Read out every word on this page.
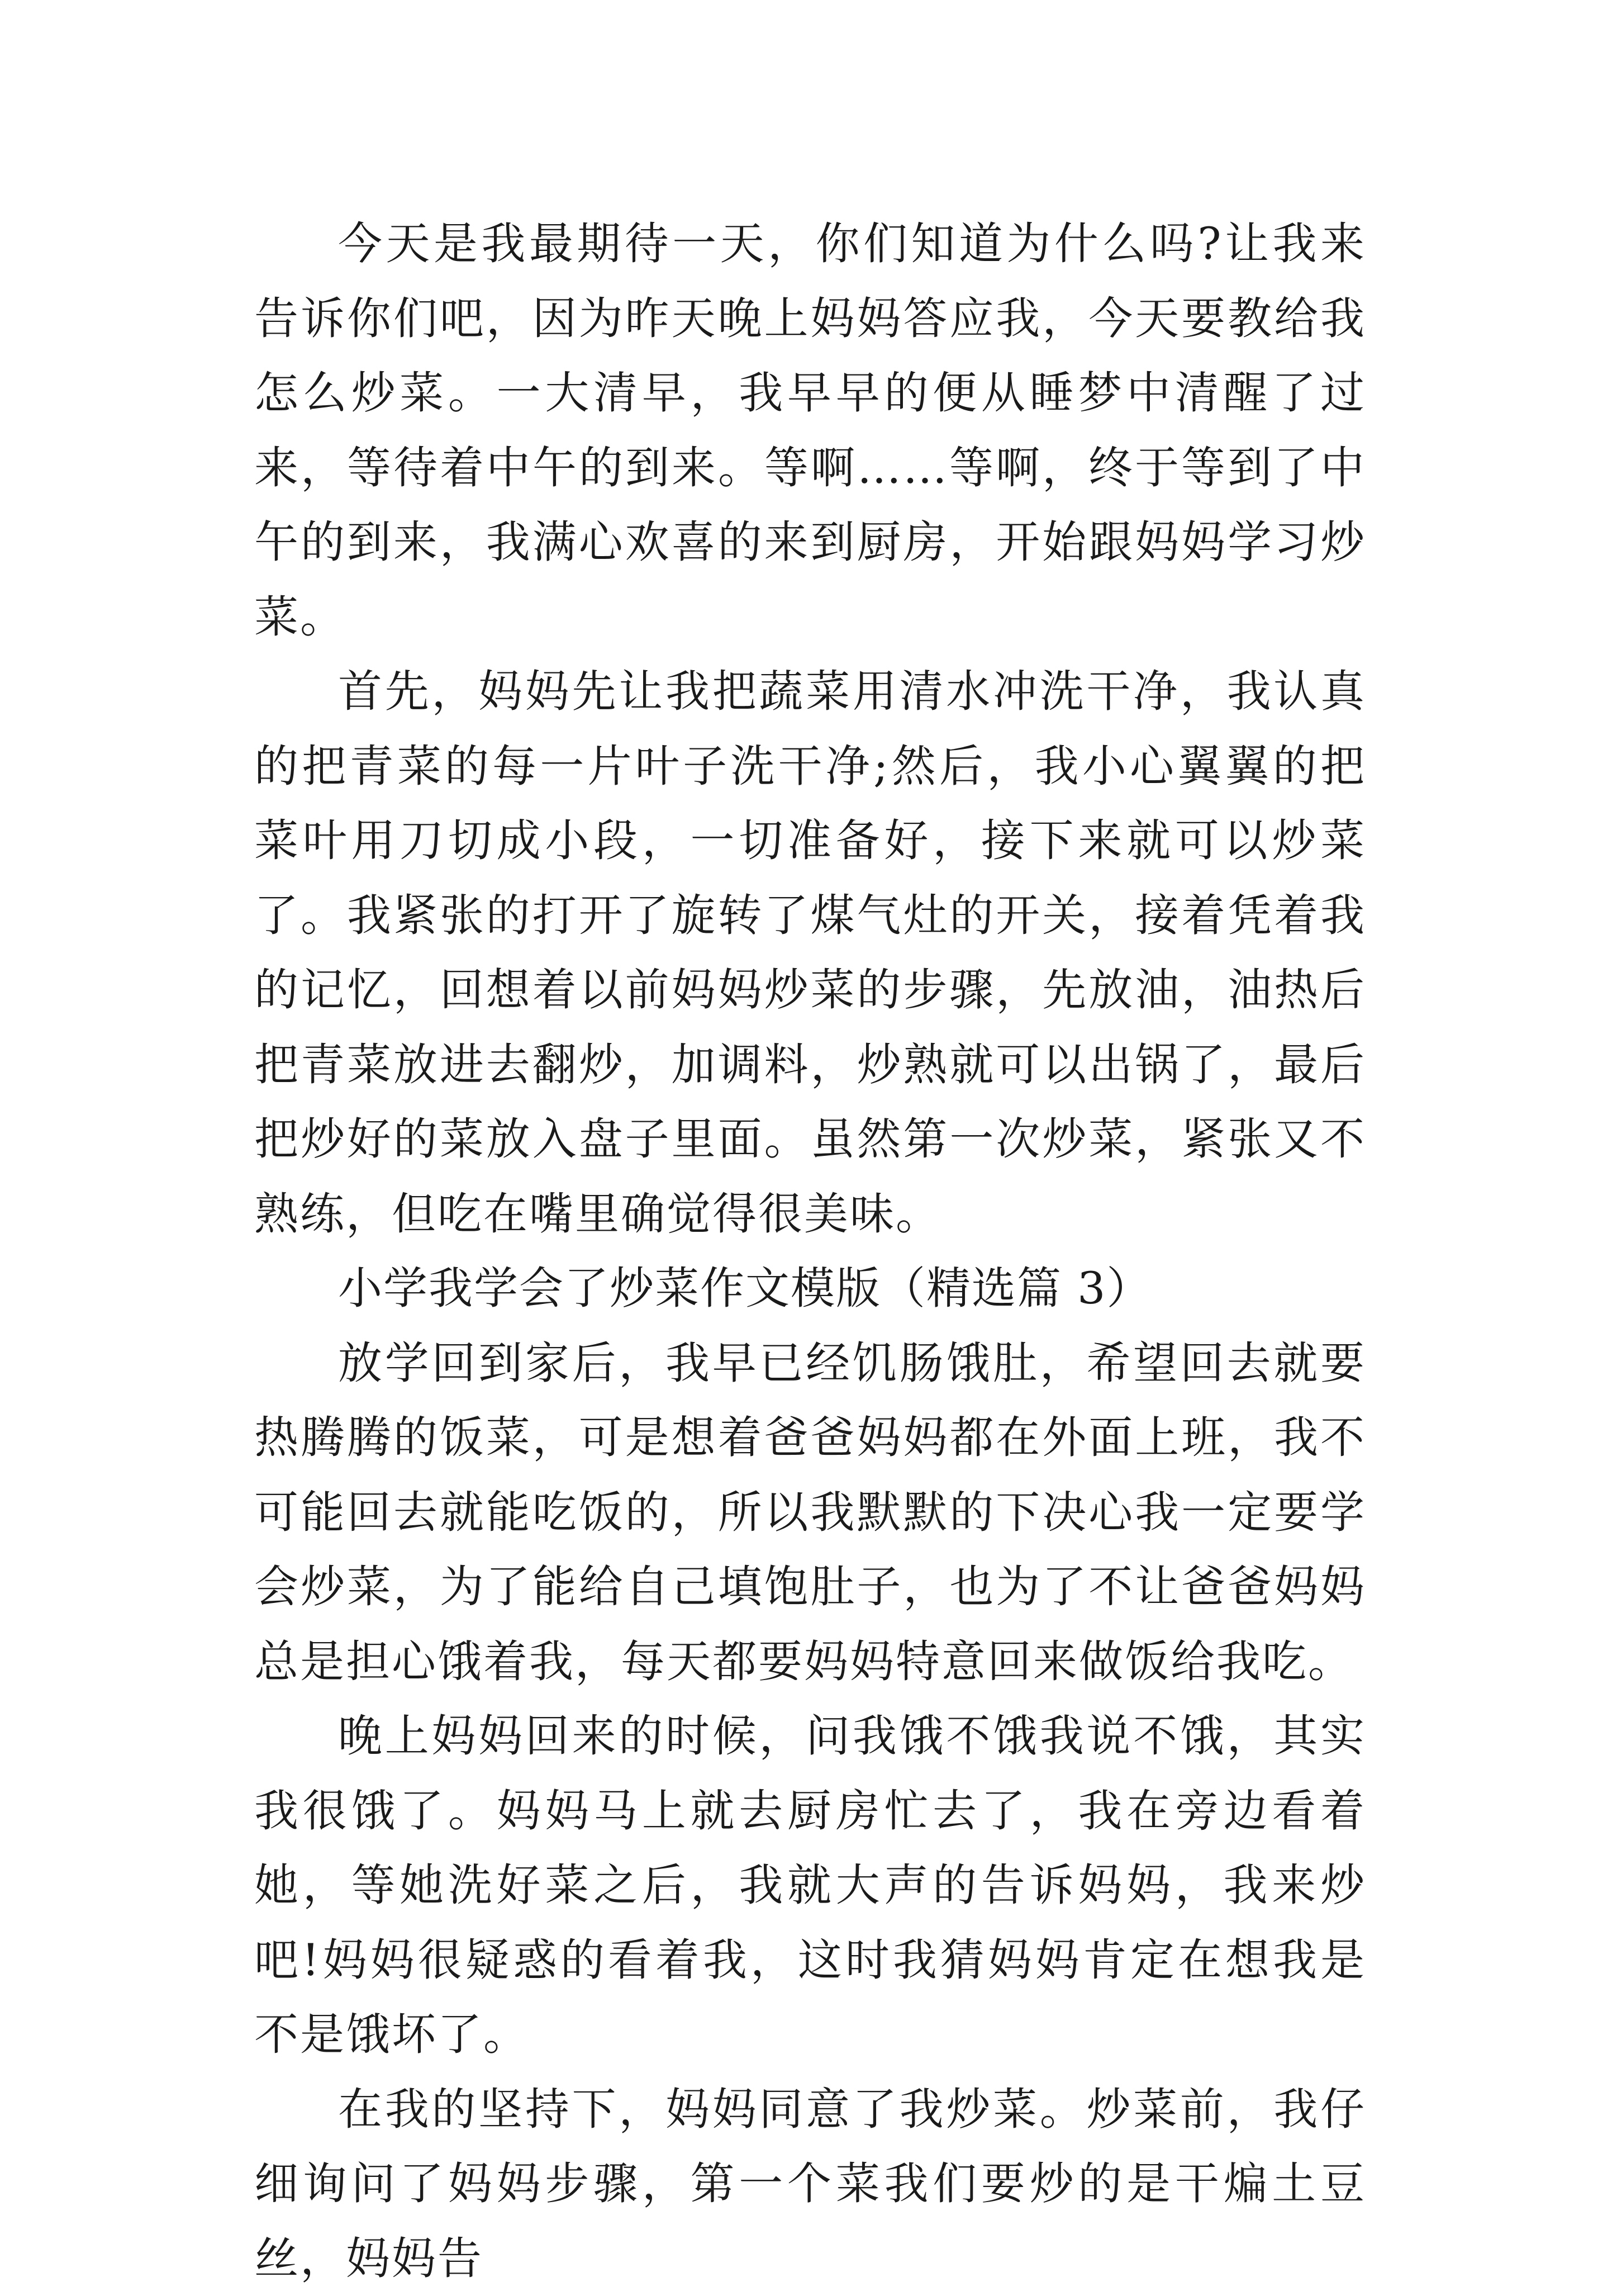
今天是我最期待一天，你们知道为什么吗?让我来告诉你们吧，因为昨天晚上妈妈答应我，今天要教给我怎么炒菜。一大清早，我早早的便从睡梦中清醒了过来，等待着中午的到来。等啊……等啊，终于等到了中午的到来，我满心欢喜的来到厨房，开始跟妈妈学习炒菜。

首先，妈妈先让我把蔬菜用清水冲洗干净，我认真的把青菜的每一片叶子洗干净;然后，我小心翼翼的把菜叶用刀切成小段，一切准备好，接下来就可以炒菜了。我紧张的打开了旋转了煤气灶的开关，接着凭着我的记忆，回想着以前妈妈炒菜的步骤，先放油，油热后把青菜放进去翻炒，加调料，炒熟就可以出锅了，最后把炒好的菜放入盘子里面。虽然第一次炒菜，紧张又不熟练，但吃在嘴里确觉得很美味。

小学我学会了炒菜作文模版（精选篇 3）

放学回到家后，我早已经饥肠饿肚，希望回去就要热腾腾的饭菜，可是想着爸爸妈妈都在外面上班，我不可能回去就能吃饭的，所以我默默的下决心我一定要学会炒菜，为了能给自己填饱肚子，也为了不让爸爸妈妈总是担心饿着我，每天都要妈妈特意回来做饭给我吃。

晚上妈妈回来的时候，问我饿不饿我说不饿，其实我很饿了。妈妈马上就去厨房忙去了，我在旁边看着她，等她洗好菜之后，我就大声的告诉妈妈，我来炒吧!妈妈很疑惑的看着我，这时我猜妈妈肯定在想我是不是饿坏了。

在我的坚持下，妈妈同意了我炒菜。炒菜前，我仔细询问了妈妈步骤，第一个菜我们要炒的是干煸土豆丝，妈妈告
